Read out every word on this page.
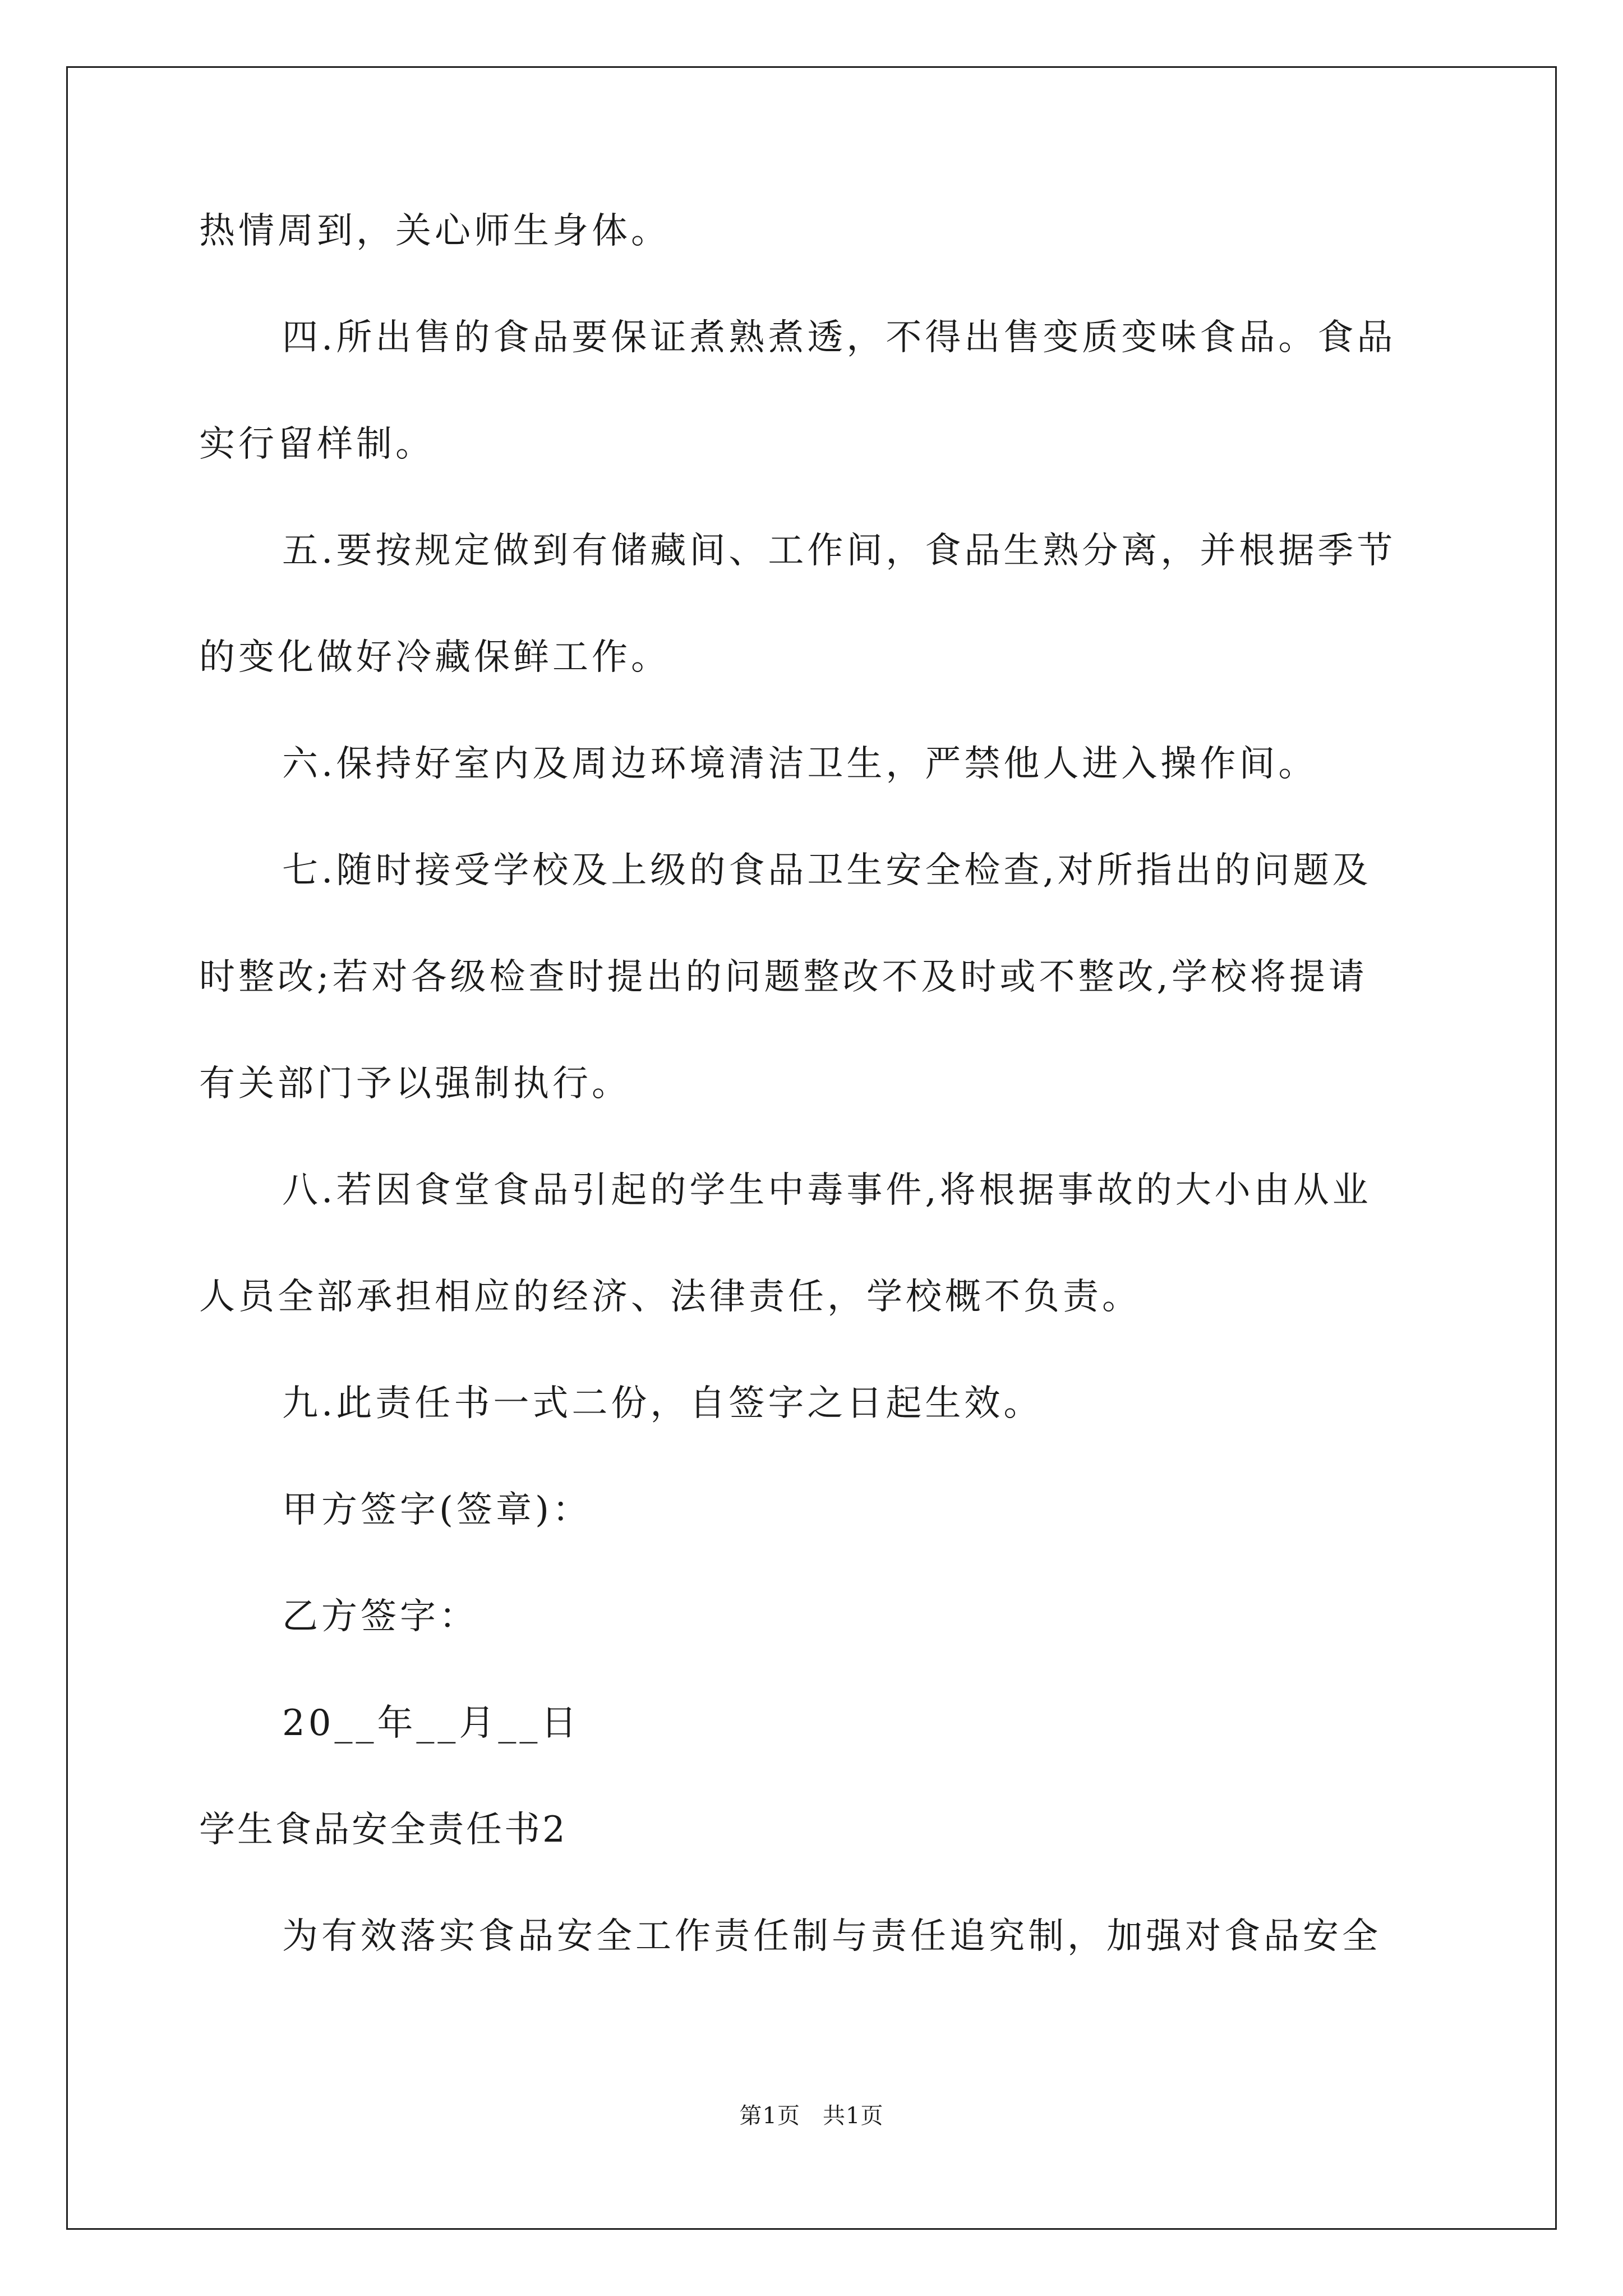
热情周到，关心师生身体。
四.所出售的食品要保证煮熟煮透，不得出售变质变味食品。食品
实行留样制。
五.要按规定做到有储藏间、工作间，食品生熟分离，并根据季节
的变化做好冷藏保鲜工作。
六.保持好室内及周边环境清洁卫生，严禁他人进入操作间。
七.随时接受学校及上级的食品卫生安全检查,对所指出的问题及
时整改;若对各级检查时提出的问题整改不及时或不整改,学校将提请
有关部门予以强制执行。
八.若因食堂食品引起的学生中毒事件,将根据事故的大小由从业
人员全部承担相应的经济、法律责任，学校概不负责。
九.此责任书一式二份，自签字之日起生效。
甲方签字(签章)：
乙方签字：
20__年__月__日
学生食品安全责任书2
为有效落实食品安全工作责任制与责任追究制，加强对食品安全
第1页 共1页
